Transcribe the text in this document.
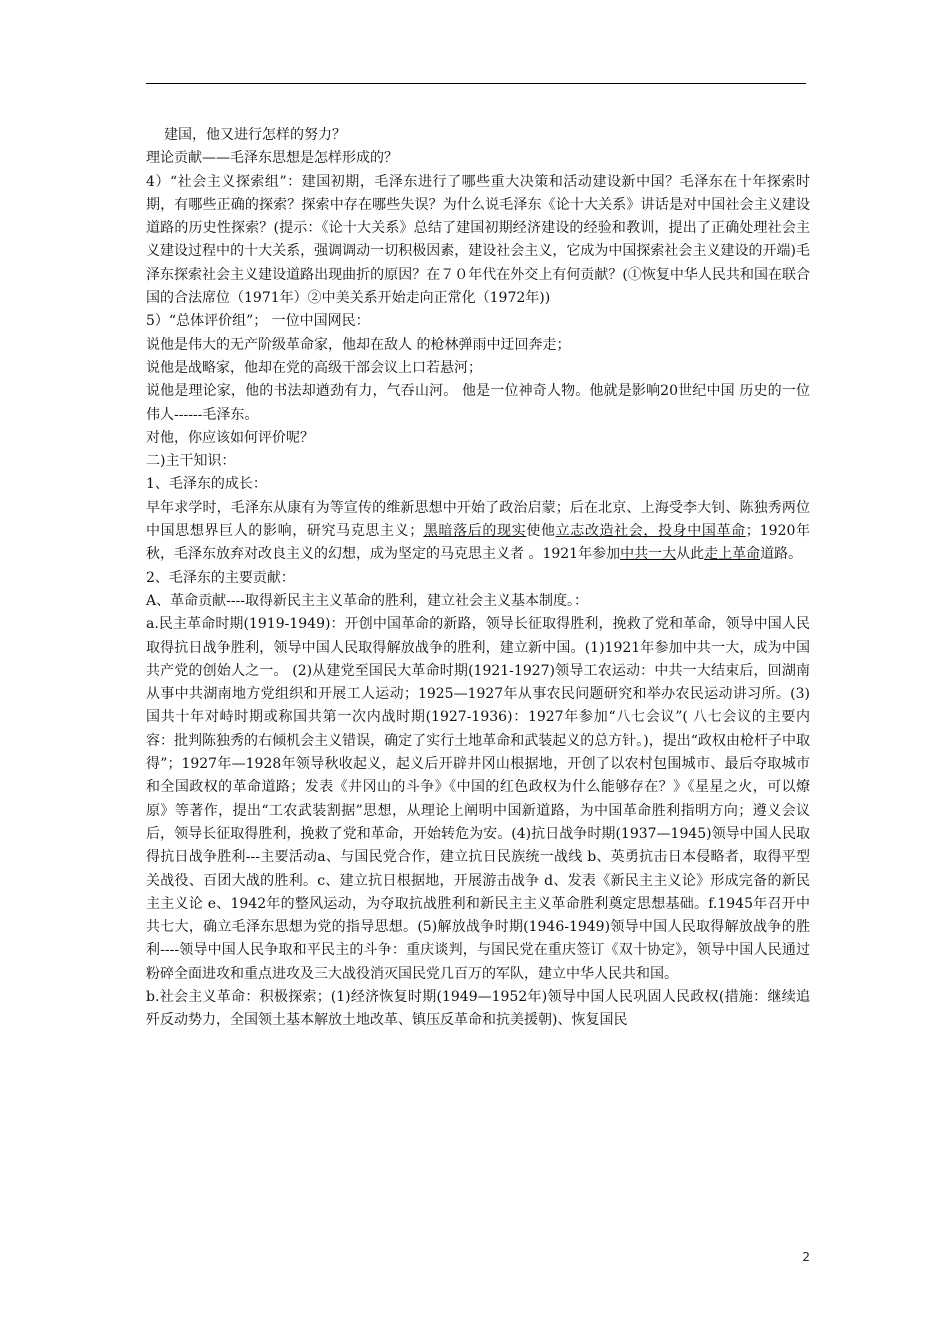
建国，他又进行怎样的努力？

理论贡献——毛泽东思想是怎样形成的？

4）“社会主义探索组”：建国初期，毛泽东进行了哪些重大决策和活动建设新中国？毛泽东在十年探索时期，有哪些正确的探索？探索中存在哪些失误？为什么说毛泽东《论十大关系》讲话是对中国社会主义建设道路的历史性探索？(提示：《论十大关系》总结了建国初期经济建设的经验和教训，提出了正确处理社会主义建设过程中的十大关系，强调调动一切积极因素，建设社会主义，它成为中国探索社会主义建设的开端)毛泽东探索社会主义建设道路出现曲折的原因？在７０年代在外交上有何贡献？(①恢复中华人民共和国在联合国的合法席位（1971年）②中美关系开始走向正常化（1972年))

5）“总体评价组”； 一位中国网民：

说他是伟大的无产阶级革命家，他却在敌人 的枪林弹雨中迂回奔走；

说他是战略家，他却在党的高级干部会议上口若悬河；

说他是理论家，他的书法却遒劲有力，气吞山河。 他是一位神奇人物。他就是影响20世纪中国 历史的一位伟人------毛泽东。

对他，你应该如何评价呢？

二)主干知识：

1、毛泽东的成长：

早年求学时，毛泽东从康有为等宣传的维新思想中开始了政治启蒙；后在北京、上海受李大钊、陈独秀两位中国思想界巨人的影响，研究马克思主义；黑暗落后的现实使他立志改造社会，投身中国革命；1920年秋，毛泽东放弃对改良主义的幻想，成为坚定的马克思主义者 。1921年参加中共一大从此走上革命道路。

2、毛泽东的主要贡献：

A、革命贡献----取得新民主主义革命的胜利，建立社会主义基本制度。：

a.民主革命时期(1919-1949)：开创中国革命的新路，领导长征取得胜利，挽救了党和革命，领导中国人民取得抗日战争胜利，领导中国人民取得解放战争的胜利，建立新中国。(1)1921年参加中共一大，成为中国共产党的创始人之一。 (2)从建党至国民大革命时期(1921-1927)领导工农运动：中共一大结束后，回湖南从事中共湖南地方党组织和开展工人运动；1925—1927年从事农民问题研究和举办农民运动讲习所。(3)国共十年对峙时期或称国共第一次内战时期(1927-1936)：1927年参加“八七会议”( 八七会议的主要内容：批判陈独秀的右倾机会主义错误，确定了实行土地革命和武装起义的总方针。)，提出“政权由枪杆子中取得”；1927年—1928年领导秋收起义，起义后开辟井冈山根据地，开创了以农村包围城市、最后夺取城市和全国政权的革命道路；发表《井冈山的斗争》《中国的红色政权为什么能够存在？》《星星之火，可以燎原》等著作，提出“工农武装割据”思想，从理论上阐明中国新道路，为中国革命胜利指明方向；遵义会议后，领导长征取得胜利，挽救了党和革命，开始转危为安。(4)抗日战争时期(1937—1945)领导中国人民取得抗日战争胜利---主要活动a、与国民党合作，建立抗日民族统一战线 b、英勇抗击日本侵略者，取得平型关战役、百团大战的胜利。c、建立抗日根据地，开展游击战争 d、发表《新民主主义论》形成完备的新民主主义论 e、1942年的整风运动，为夺取抗战胜利和新民主主义革命胜利奠定思想基础。f.1945年召开中共七大，确立毛泽东思想为党的指导思想。(5)解放战争时期(1946-1949)领导中国人民取得解放战争的胜利----领导中国人民争取和平民主的斗争：重庆谈判，与国民党在重庆签订《双十协定》，领导中国人民通过粉碎全面进攻和重点进攻及三大战役消灭国民党几百万的军队，建立中华人民共和国。

b.社会主义革命：积极探索；(1)经济恢复时期(1949—1952年)领导中国人民巩固人民政权(措施：继续追歼反动势力，全国领土基本解放土地改革、镇压反革命和抗美援朝)、恢复国民

2
